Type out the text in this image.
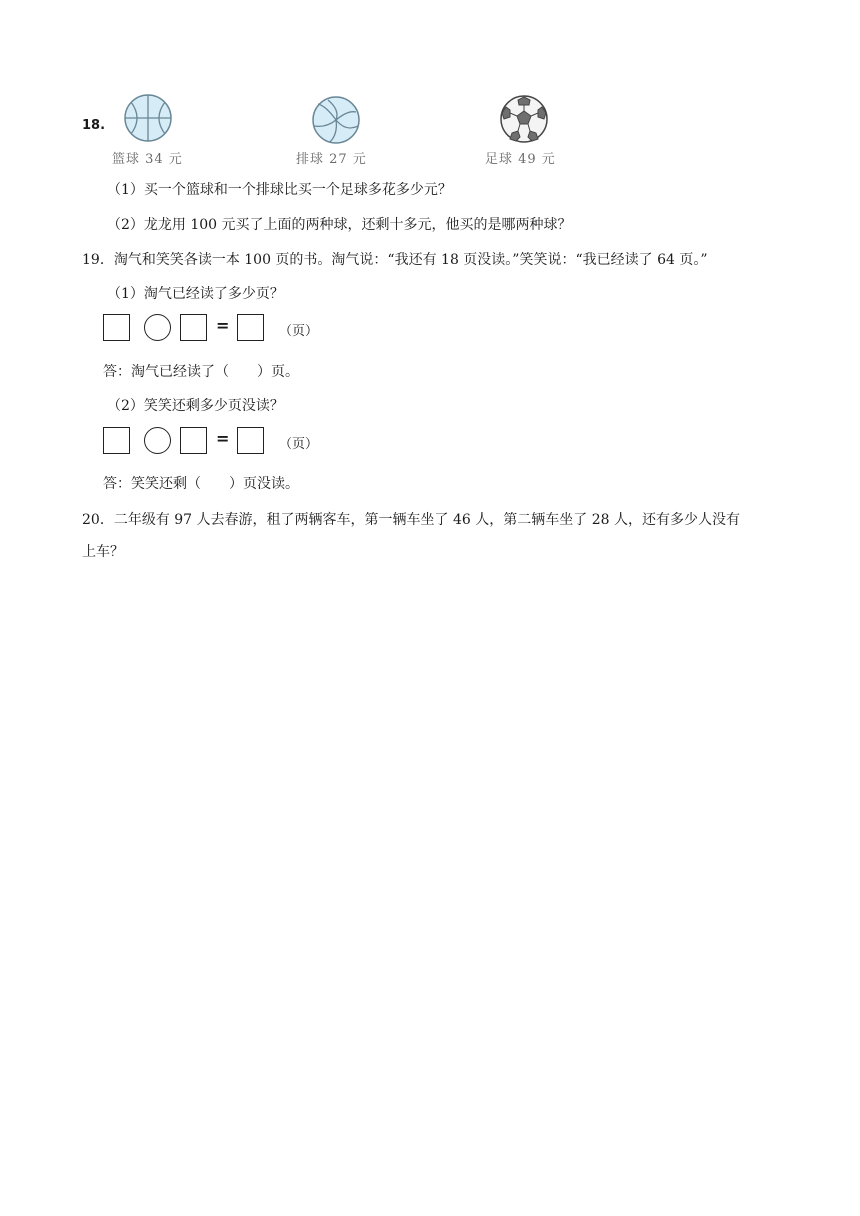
18.
篮球 34 元	排球 27 元	足球 49 元
（1）买一个篮球和一个排球比买一个足球多花多少元？
（2）龙龙用 100 元买了上面的两种球，还剩十多元，他买的是哪两种球？
19．淘气和笑笑各读一本 100 页的书。淘气说：“我还有 18 页没读。”笑笑说：“我已经读了 64 页。”
（1）淘气已经读了多少页？
=	（页）
答：淘气已经读了（　　）页。
（2）笑笑还剩多少页没读？
=	（页）
答：笑笑还剩（　　）页没读。
20．二年级有 97 人去春游，租了两辆客车，第一辆车坐了 46 人，第二辆车坐了 28 人，还有多少人没有
上车？
